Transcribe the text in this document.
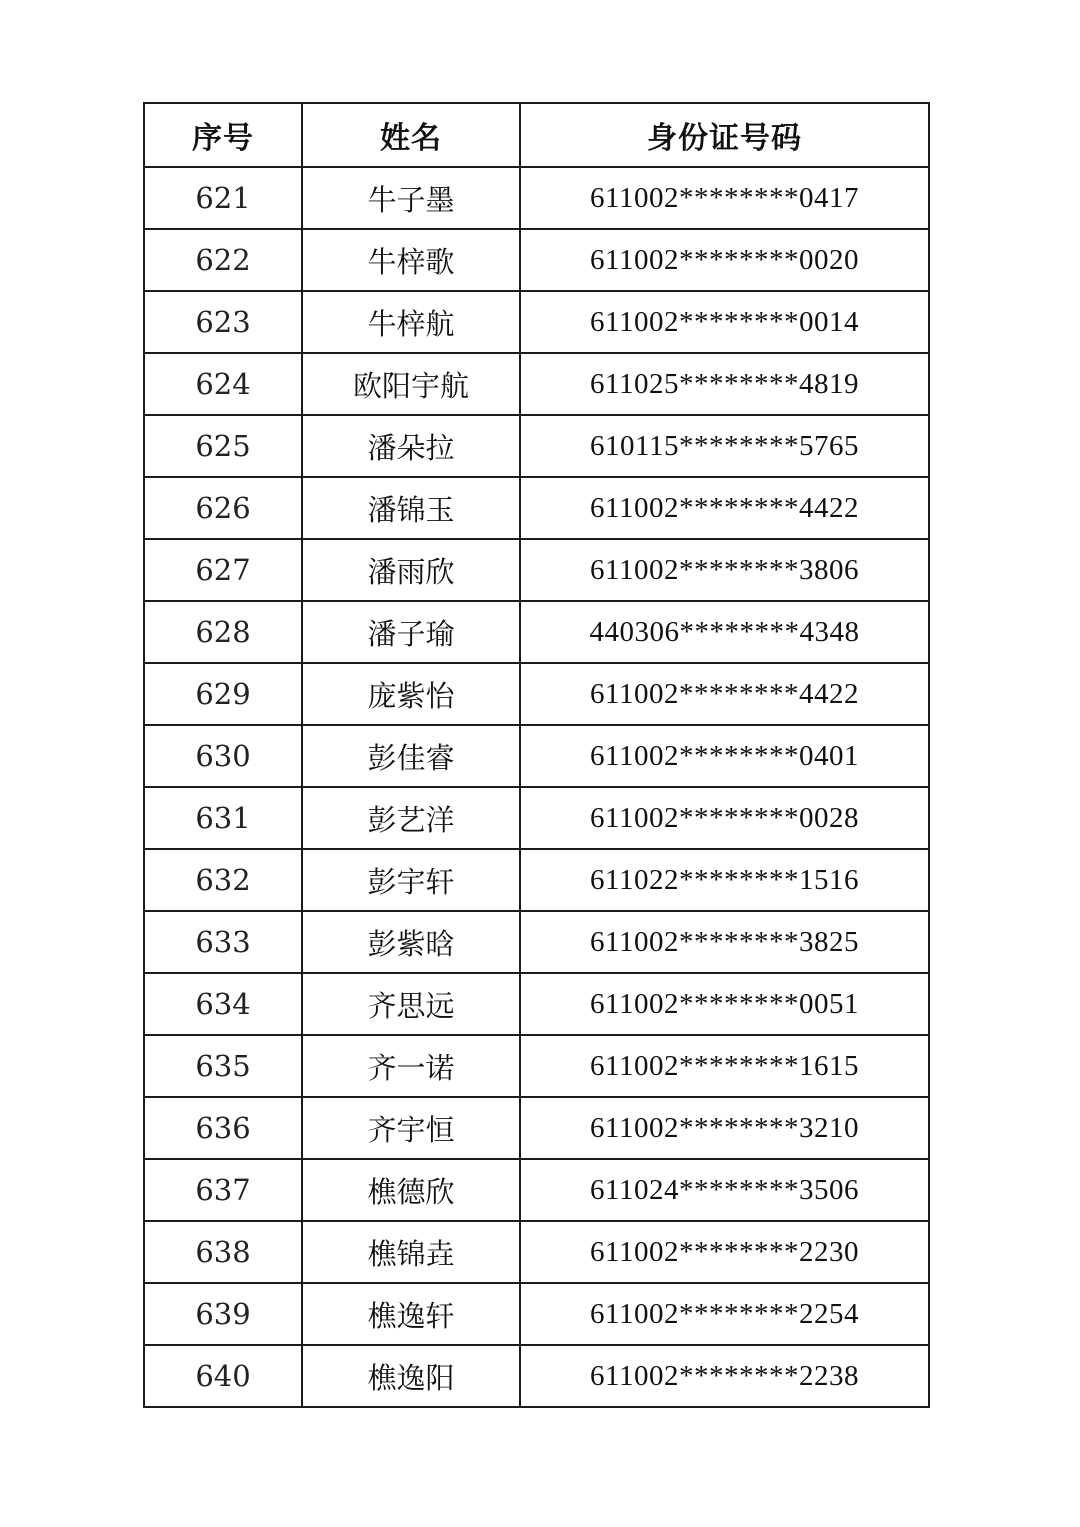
序号	姓名	身份证号码
621	牛子墨	611002********0417
622	牛梓歌	611002********0020
623	牛梓航	611002********0014
624	欧阳宇航	611025********4819
625	潘朵拉	610115********5765
626	潘锦玉	611002********4422
627	潘雨欣	611002********3806
628	潘子瑜	440306********4348
629	庞紫怡	611002********4422
630	彭佳睿	611002********0401
631	彭艺洋	611002********0028
632	彭宇轩	611022********1516
633	彭紫晗	611002********3825
634	齐思远	611002********0051
635	齐一诺	611002********1615
636	齐宇恒	611002********3210
637	樵德欣	611024********3506
638	樵锦垚	611002********2230
639	樵逸轩	611002********2254
640	樵逸阳	611002********2238
